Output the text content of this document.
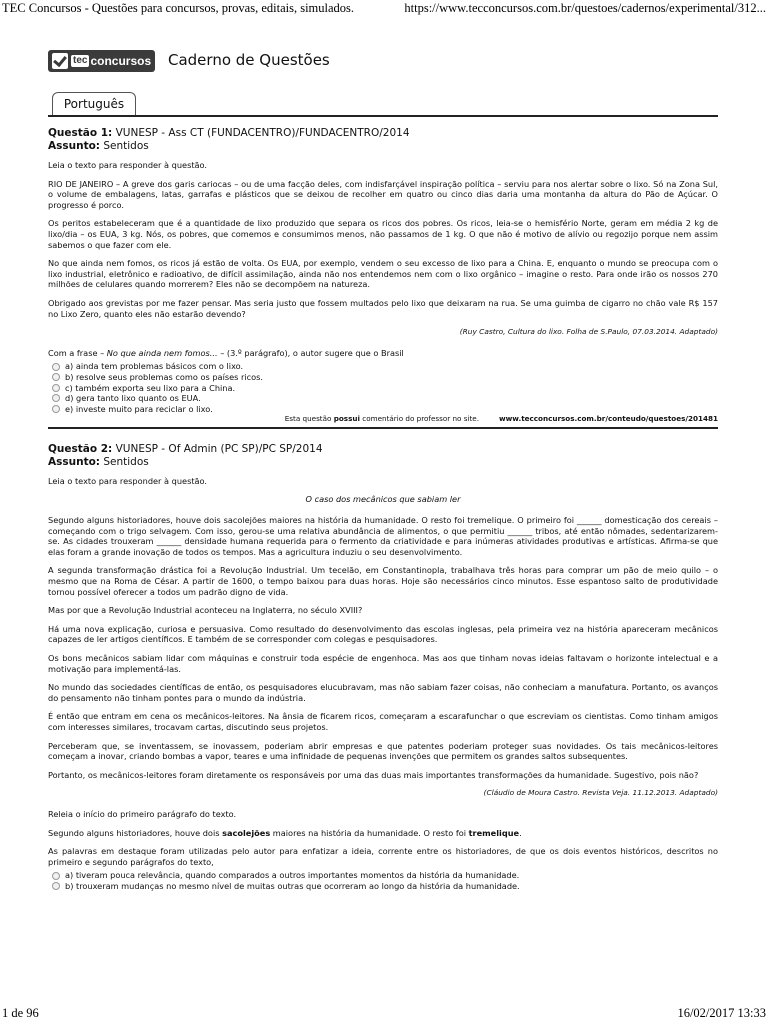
TEC Concursos - Questões para concursos, provas, editais, simulados.	https://www.tecconcursos.com.br/questoes/cadernos/experimental/312...
tec concursos Caderno de Questões
Português
Questão 1: VUNESP - Ass CT (FUNDACENTRO)/FUNDACENTRO/2014
Assunto: Sentidos

Leia o texto para responder à questão.

RIO DE JANEIRO – A greve dos garis cariocas – ou de uma facção deles, com indisfarçável inspiração política – serviu para nos alertar sobre o lixo. Só na Zona Sul, o volume de embalagens, latas, garrafas e plásticos que se deixou de recolher em quatro ou cinco dias daria uma montanha da altura do Pão de Açúcar. O progresso é porco.

Os peritos estabeleceram que é a quantidade de lixo produzido que separa os ricos dos pobres. Os ricos, leia-se o hemisfério Norte, geram em média 2 kg de lixo/dia – os EUA, 3 kg. Nós, os pobres, que comemos e consumimos menos, não passamos de 1 kg. O que não é motivo de alívio ou regozijo porque nem assim sabemos o que fazer com ele.

No que ainda nem fomos, os ricos já estão de volta. Os EUA, por exemplo, vendem o seu excesso de lixo para a China. E, enquanto o mundo se preocupa com o lixo industrial, eletrônico e radioativo, de difícil assimilação, ainda não nos entendemos nem com o lixo orgânico – imagine o resto. Para onde irão os nossos 270 milhões de celulares quando morrerem? Eles não se decompõem na natureza.

Obrigado aos grevistas por me fazer pensar. Mas seria justo que fossem multados pelo lixo que deixaram na rua. Se uma guimba de cigarro no chão vale R$ 157 no Lixo Zero, quanto eles não estarão devendo?

(Ruy Castro, Cultura do lixo. Folha de S.Paulo, 07.03.2014. Adaptado)

Com a frase – No que ainda nem fomos... – (3.º parágrafo), o autor sugere que o Brasil

a) ainda tem problemas básicos com o lixo.
b) resolve seus problemas como os países ricos.
c) também exporta seu lixo para a China.
d) gera tanto lixo quanto os EUA.
e) investe muito para reciclar o lixo.
Esta questão possui comentário do professor no site.	www.tecconcursos.com.br/conteudo/questoes/201481
Questão 2: VUNESP - Of Admin (PC SP)/PC SP/2014
Assunto: Sentidos

Leia o texto para responder à questão.

O caso dos mecânicos que sabiam ler

Segundo alguns historiadores, houve dois sacolejões maiores na história da humanidade. O resto foi tremelique. O primeiro foi ______ domesticação dos cereais – começando com o trigo selvagem. Com isso, gerou-se uma relativa abundância de alimentos, o que permitiu ______ tribos, até então nômades, sedentarizarem-se. As cidades trouxeram ______ densidade humana requerida para o fermento da criatividade e para inúmeras atividades produtivas e artísticas. Afirma-se que elas foram a grande inovação de todos os tempos. Mas a agricultura induziu o seu desenvolvimento.

A segunda transformação drástica foi a Revolução Industrial. Um tecelão, em Constantinopla, trabalhava três horas para comprar um pão de meio quilo – o mesmo que na Roma de César. A partir de 1600, o tempo baixou para duas horas. Hoje são necessários cinco minutos. Esse espantoso salto de produtividade tornou possível oferecer a todos um padrão digno de vida.

Mas por que a Revolução Industrial aconteceu na Inglaterra, no século XVIII?

Há uma nova explicação, curiosa e persuasiva. Como resultado do desenvolvimento das escolas inglesas, pela primeira vez na história apareceram mecânicos capazes de ler artigos científicos. E também de se corresponder com colegas e pesquisadores.

Os bons mecânicos sabiam lidar com máquinas e construir toda espécie de engenhoca. Mas aos que tinham novas ideias faltavam o horizonte intelectual e a motivação para implementá-las.

No mundo das sociedades científicas de então, os pesquisadores elucubravam, mas não sabiam fazer coisas, não conheciam a manufatura. Portanto, os avanços do pensamento não tinham pontes para o mundo da indústria.

É então que entram em cena os mecânicos-leitores. Na ânsia de ficarem ricos, começaram a escarafunchar o que escreviam os cientistas. Como tinham amigos com interesses similares, trocavam cartas, discutindo seus projetos.

Perceberam que, se inventassem, se inovassem, poderiam abrir empresas e que patentes poderiam proteger suas novidades. Os tais mecânicos-leitores começam a inovar, criando bombas a vapor, teares e uma infinidade de pequenas invenções que permitem os grandes saltos subsequentes.

Portanto, os mecânicos-leitores foram diretamente os responsáveis por uma das duas mais importantes transformações da humanidade. Sugestivo, pois não?

(Cláudio de Moura Castro. Revista Veja. 11.12.2013. Adaptado)

Releia o início do primeiro parágrafo do texto.

Segundo alguns historiadores, houve dois sacolejões maiores na história da humanidade. O resto foi tremelique.

As palavras em destaque foram utilizadas pelo autor para enfatizar a ideia, corrente entre os historiadores, de que os dois eventos históricos, descritos no primeiro e segundo parágrafos do texto,

a) tiveram pouca relevância, quando comparados a outros importantes momentos da história da humanidade.
b) trouxeram mudanças no mesmo nível de muitas outras que ocorreram ao longo da história da humanidade.
1 de 96	16/02/2017 13:33
